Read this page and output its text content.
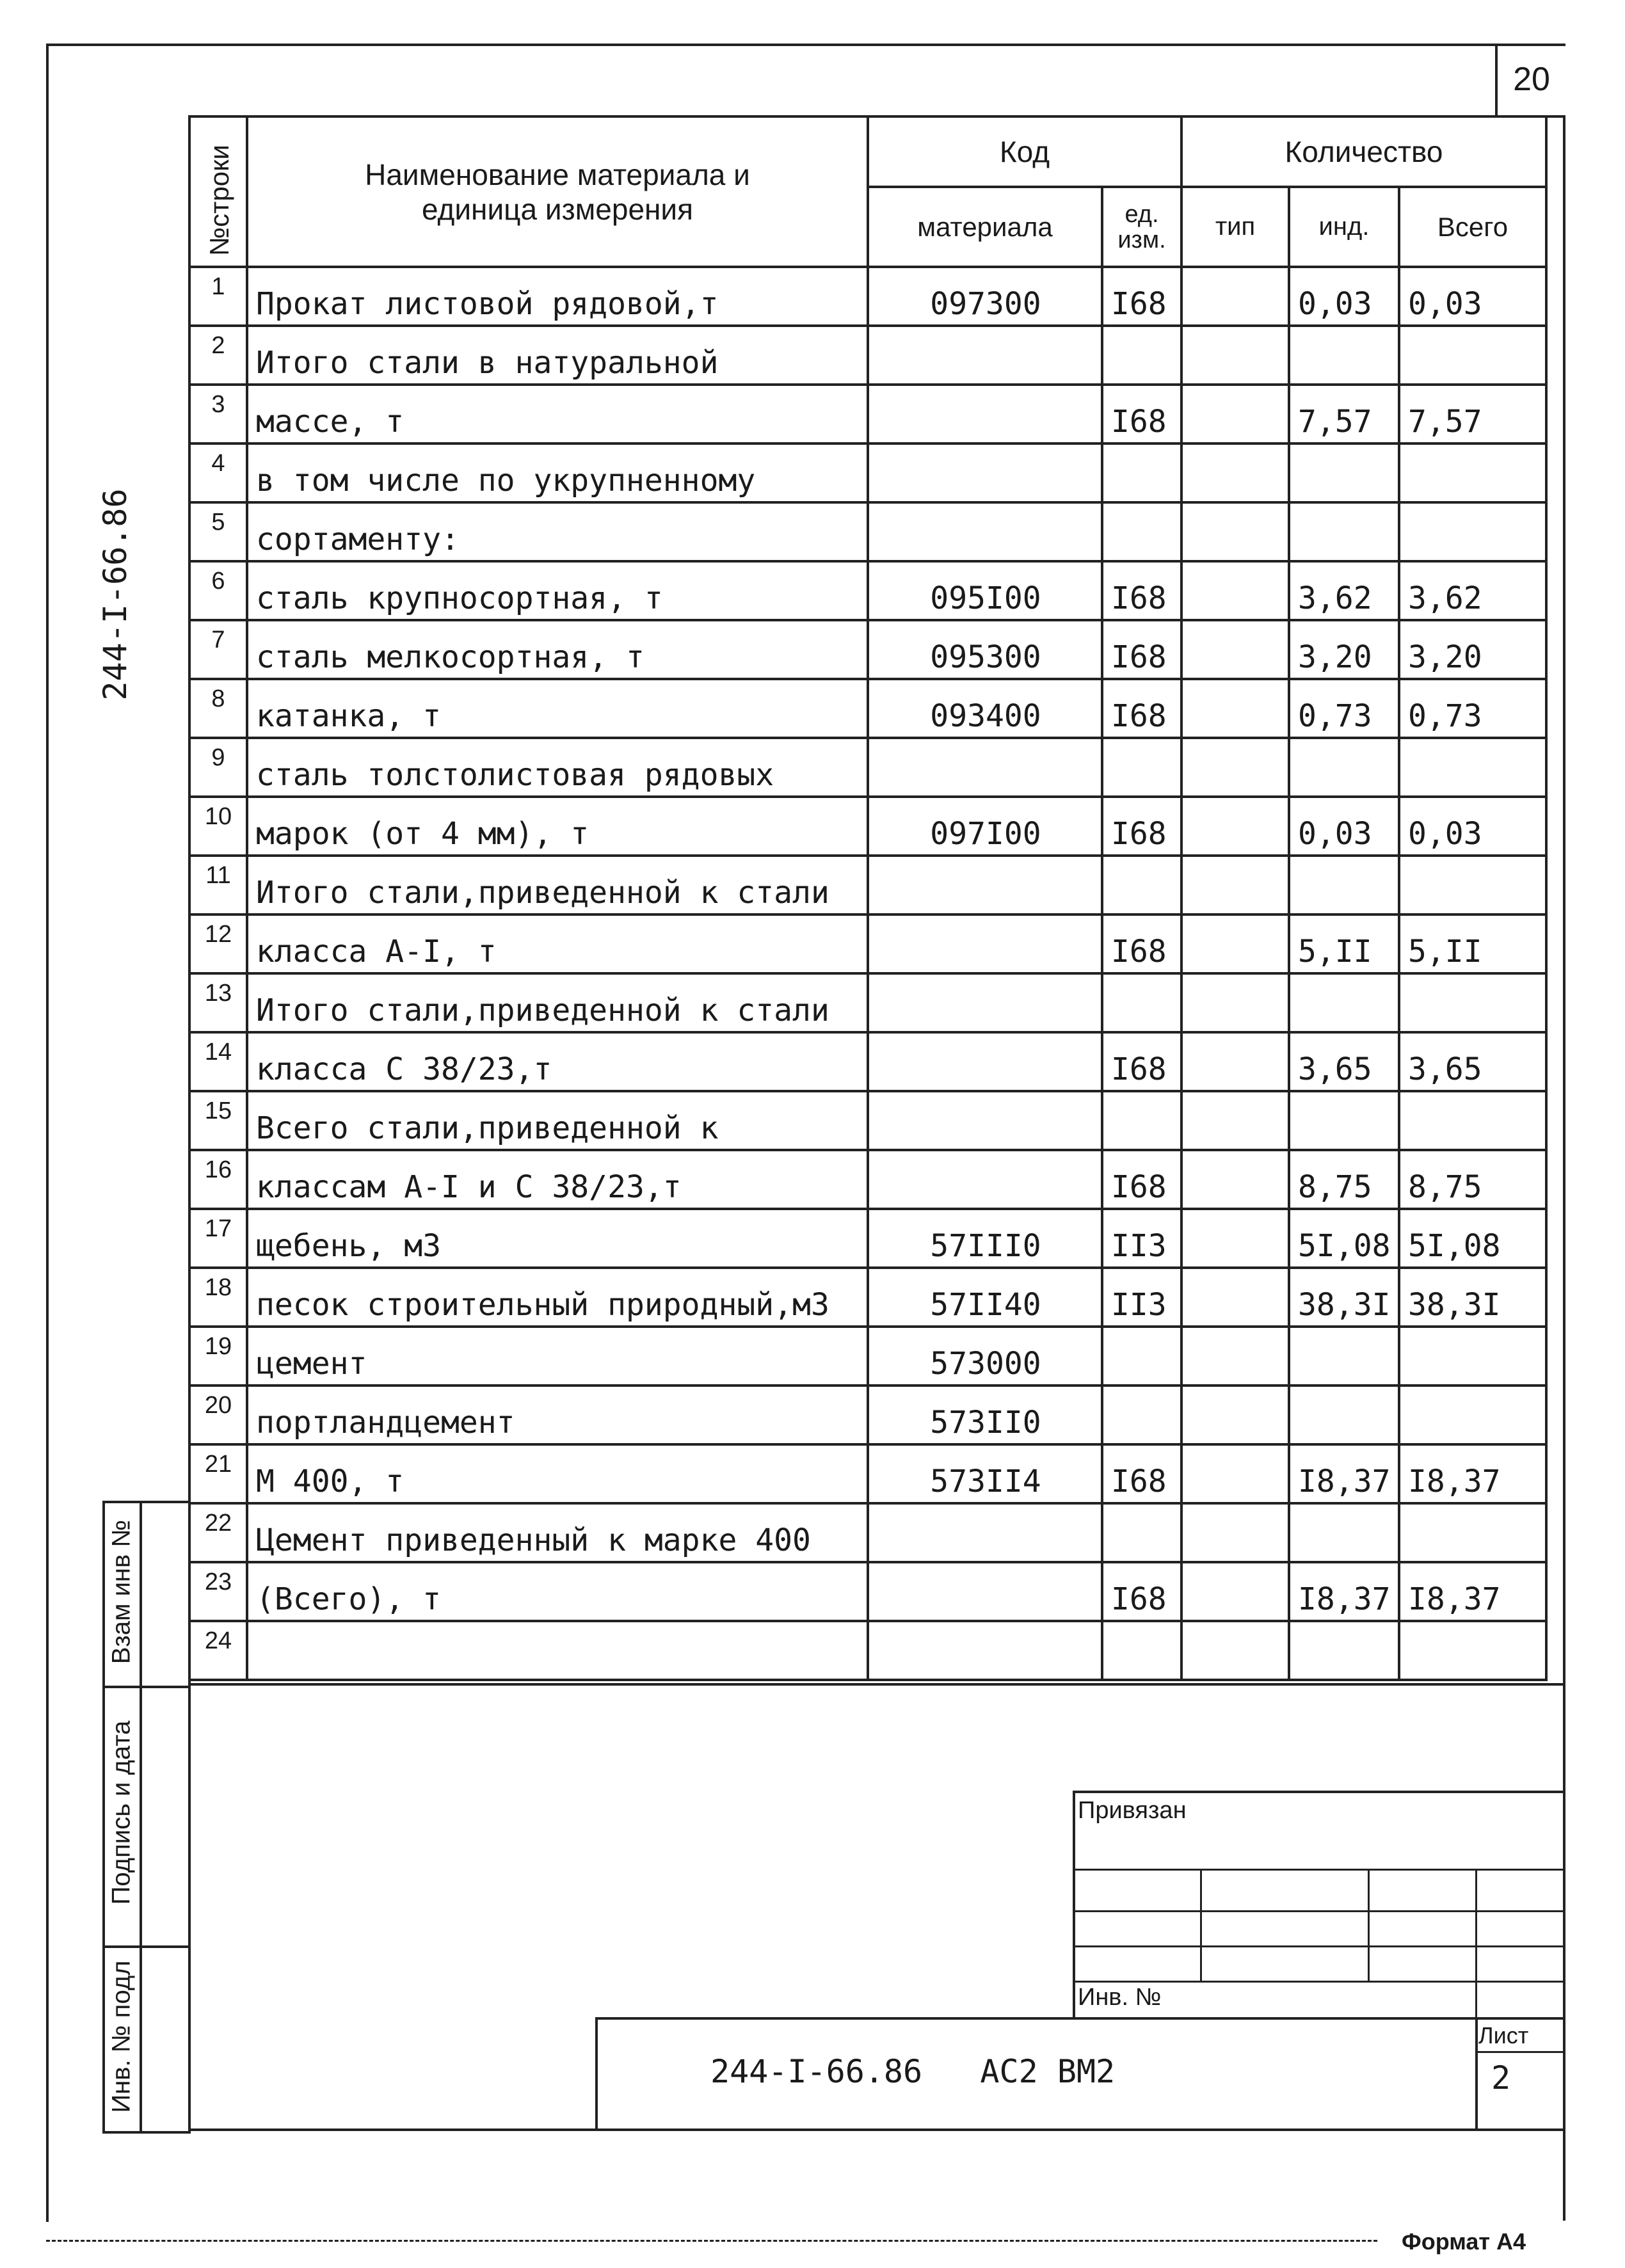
20
244-I-66.86
№строки	Наименование материала и единица измерения	Код		Количество		
		материала	ед. изм.	тип	инд.	Всего
1	Прокат листовой рядовой,т	097300	I68		0,03	0,03
2	Итого стали в натуральной					
3	массе, т		I68		7,57	7,57
4	в том числе по укрупненному					
5	сортаменту:					
6	сталь крупносортная, т	095I00	I68		3,62	3,62
7	сталь мелкосортная, т	095300	I68		3,20	3,20
8	катанка, т	093400	I68		0,73	0,73
9	сталь толстолистовая рядовых					
10	марок (от 4 мм), т	097I00	I68		0,03	0,03
11	Итого стали,приведенной к стали					
12	класса А-I, т		I68		5,II	5,II
13	Итого стали,приведенной к стали					
14	класса С 38/23,т		I68		3,65	3,65
15	Всего стали,приведенной к					
16	классам А-I и С 38/23,т		I68		8,75	8,75
17	щебень, м3	57III0	II3		5I,08	5I,08
18	песок строительный природный,м3	57II40	II3		38,3I	38,3I
19	цемент	573000				
20	портландцемент	573II0				
21	М 400, т	573II4	I68		I8,37	I8,37
22	Цемент приведенный к марке 400					
23	(Всего), т		I68		I8,37	I8,37
24						
Взам инв №
Подпись и дата
Инв. № подл
Привязан
Инв. №
244-I-66.86   АС2 ВМ2
Лист
2
Формат А4
